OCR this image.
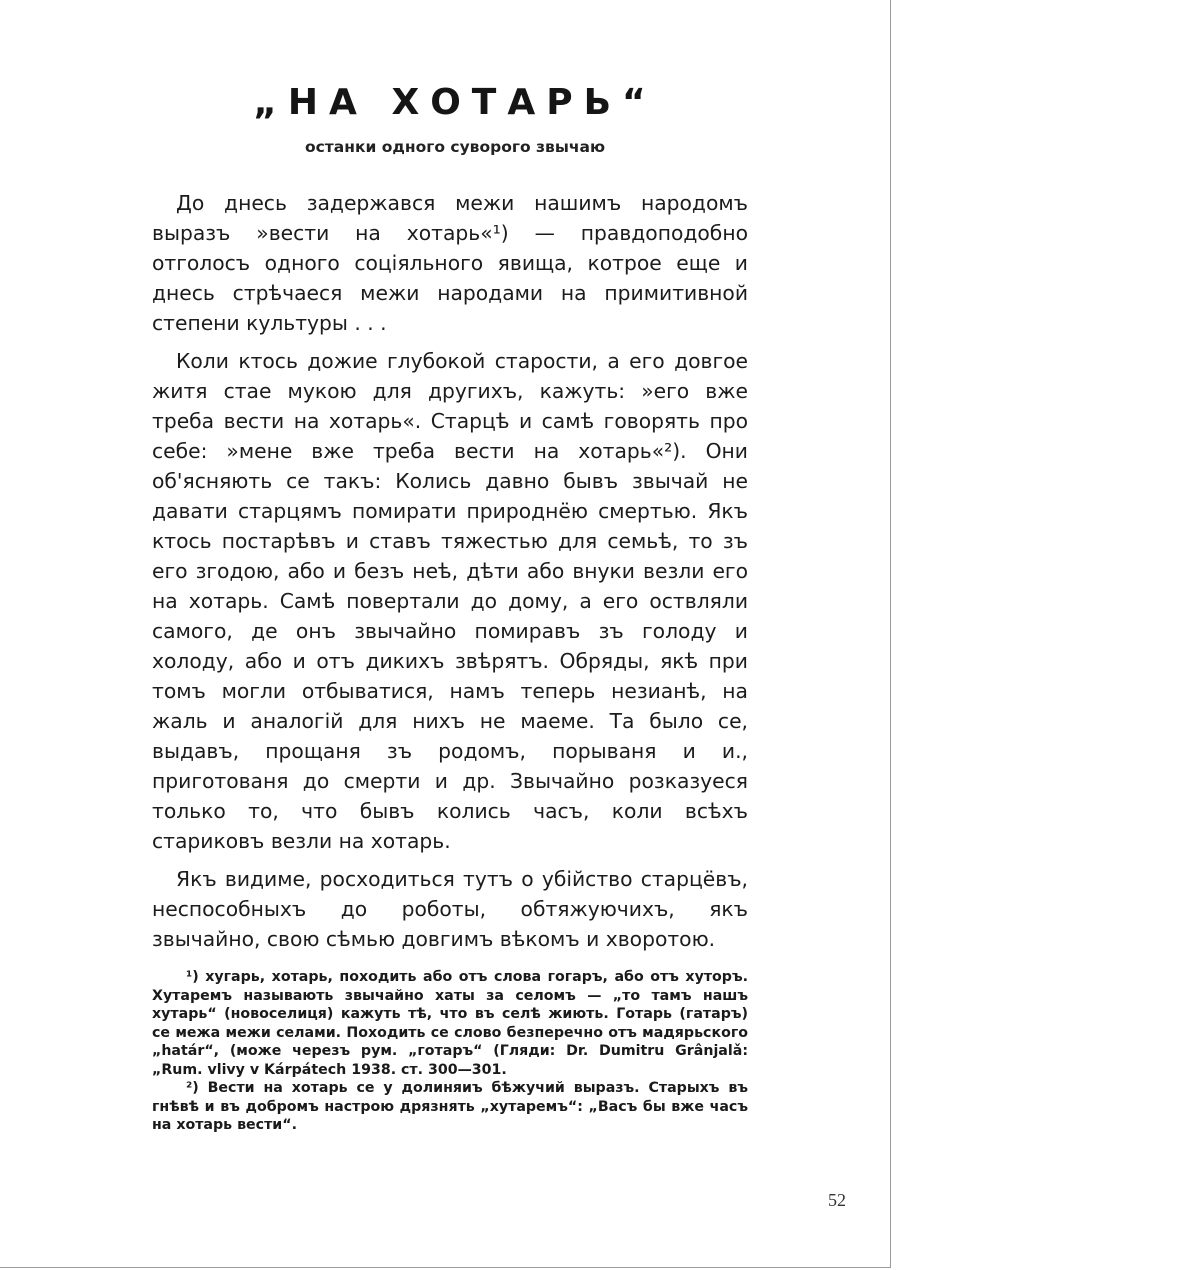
„НА ХОТАРЬ“
останки одного суворого звычаю

До днесь задержався межи нашимъ народомъ выразъ »вести на хотарь«¹) — правдоподобно отголосъ одного соціяльного явища, котрое еще и днесь стрѣчаеся межи народами на примитивной степени культуры . . .

Коли ктось дожие глубокой старости, а его довгое житя стае мукою для другихъ, кажуть: »его вже треба вести на хотарь«. Старцѣ и самѣ говорять про себе: »мене вже треба вести на хотарь«²). Они об'ясняють се такъ: Колись давно бывъ звычай не давати старцямъ помирати природнёю смертью. Якъ ктось постарѣвъ и ставъ тяжестью для семьѣ, то зъ его згодою, або и безъ неѣ, дѣти або внуки везли его на хотарь. Самѣ повертали до дому, а его оствляли самого, де онъ звычайно помиравъ зъ голоду и холоду, або и отъ дикихъ звѣрятъ. Обряды, якѣ при томъ могли отбыватися, намъ теперь незианѣ, на жаль и аналогій для нихъ не маеме. Та было се, выдавъ, прощаня зъ родомъ, порываня и и., приготованя до смерти и др. Звычайно розказуеся только то, что бывъ колись часъ, коли всѣхъ стариковъ везли на хотарь.

Якъ видиме, росходиться тутъ о убійство старцёвъ, неспособныхъ до роботы, обтяжуючихъ, якъ звычайно, свою сѣмью довгимъ вѣкомъ и хворотою.

¹) хугарь, хотарь, походить або отъ слова гогаръ, або отъ хуторъ. Хутаремъ называють звычайно хаты за селомъ — „то тамъ нашъ хутарь“ (новоселиця) кажуть тѣ, что въ селѣ жиють. Готарь (гатаръ) се межа межи селами. Походить се слово безперечно отъ мадярьского „határ“, (може черезъ рум. „готаръ“ (Гляди: Dr. Dumitru Grânjalǎ: „Rum. vlivy v Kárpátech 1938. ст. 300—301.

²) Вести на хотарь се у долиняиъ бѣжучий выразъ. Старыхъ въ гнѣвѣ и въ добромъ настрою дрязнять „хутаремъ“: „Васъ бы вже часъ на хотарь вести“.

52
